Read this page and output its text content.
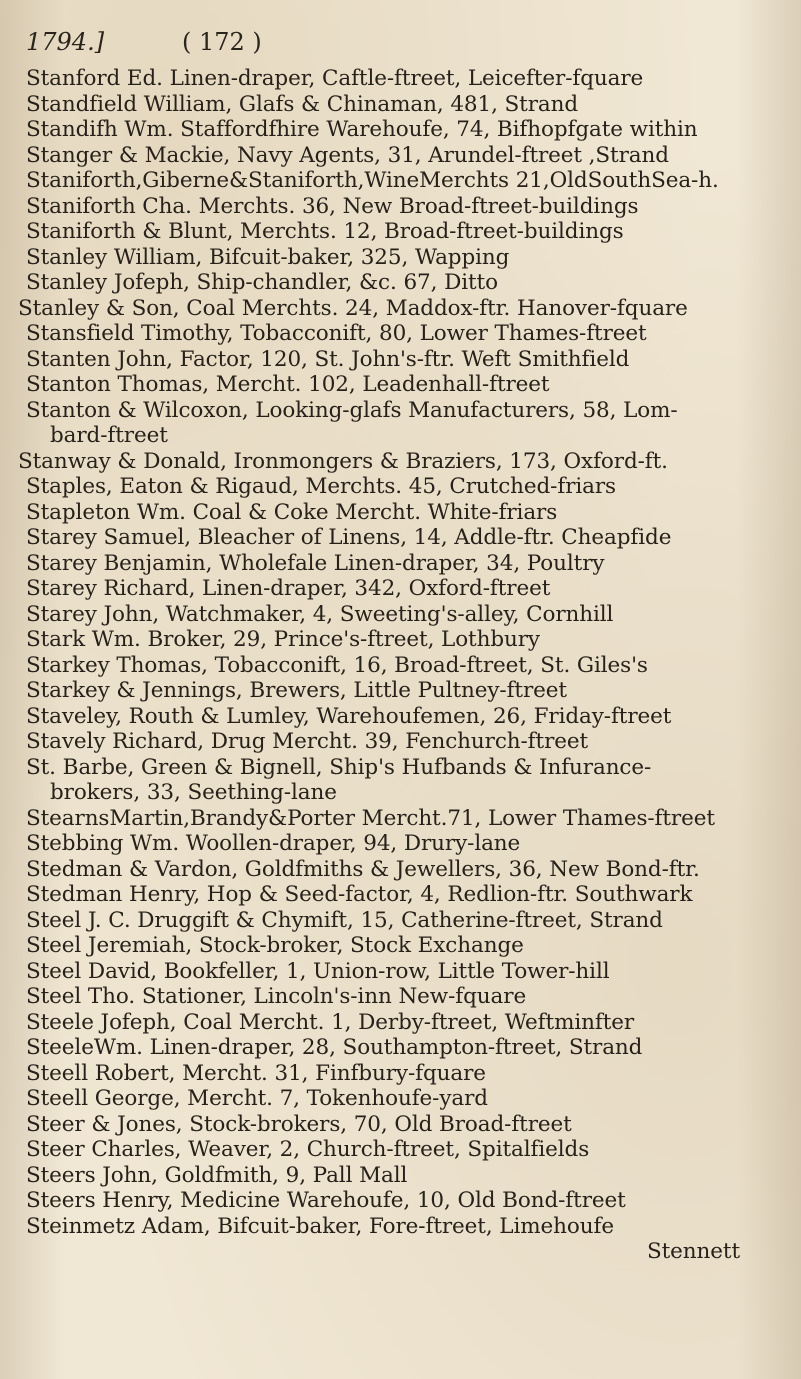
1794.]	( 172 )
Stanford Ed. Linen-draper, Caftle-ftreet, Leicefter-fquare
Standfield William, Glafs & Chinaman, 481, Strand
Standifh Wm. Staffordfhire Warehoufe, 74, Bifhopfgate within
Stanger & Mackie, Navy Agents, 31, Arundel-ftreet ,Strand
Staniforth,Giberne&Staniforth,WineMerchts 21,OldSouthSea-h.
Staniforth Cha. Merchts. 36, New Broad-ftreet-buildings
Staniforth & Blunt, Merchts. 12, Broad-ftreet-buildings
Stanley William, Bifcuit-baker, 325, Wapping
Stanley Jofeph, Ship-chandler, &c. 67, Ditto
Stanley & Son, Coal Merchts. 24, Maddox-ftr. Hanover-fquare
Stansfield Timothy, Tobacconift, 80, Lower Thames-ftreet
Stanten John, Factor, 120, St. John's-ftr. Weft Smithfield
Stanton Thomas, Mercht. 102, Leadenhall-ftreet
Stanton & Wilcoxon, Looking-glafs Manufacturers, 58, Lom-
bard-ftreet
Stanway & Donald, Ironmongers & Braziers, 173, Oxford-ft.
Staples, Eaton & Rigaud, Merchts. 45, Crutched-friars
Stapleton Wm. Coal & Coke Mercht. White-friars
Starey Samuel, Bleacher of Linens, 14, Addle-ftr. Cheapfide
Starey Benjamin, Wholefale Linen-draper, 34, Poultry
Starey Richard, Linen-draper, 342, Oxford-ftreet
Starey John, Watchmaker, 4, Sweeting's-alley, Cornhill
Stark Wm. Broker, 29, Prince's-ftreet, Lothbury
Starkey Thomas, Tobacconift, 16, Broad-ftreet, St. Giles's
Starkey & Jennings, Brewers, Little Pultney-ftreet
Staveley, Routh & Lumley, Warehoufemen, 26, Friday-ftreet
Stavely Richard, Drug Mercht. 39, Fenchurch-ftreet
St. Barbe, Green & Bignell, Ship's Hufbands & Infurance-
brokers, 33, Seething-lane
StearnsMartin,Brandy&Porter Mercht.71, Lower Thames-ftreet
Stebbing Wm. Woollen-draper, 94, Drury-lane
Stedman & Vardon, Goldfmiths & Jewellers, 36, New Bond-ftr.
Stedman Henry, Hop & Seed-factor, 4, Redlion-ftr. Southwark
Steel J. C. Druggift & Chymift, 15, Catherine-ftreet, Strand
Steel Jeremiah, Stock-broker, Stock Exchange
Steel David, Bookfeller, 1, Union-row, Little Tower-hill
Steel Tho. Stationer, Lincoln's-inn New-fquare
Steele Jofeph, Coal Mercht. 1, Derby-ftreet, Weftminfter
SteeleWm. Linen-draper, 28, Southampton-ftreet, Strand
Steell Robert, Mercht. 31, Finfbury-fquare
Steell George, Mercht. 7, Tokenhoufe-yard
Steer & Jones, Stock-brokers, 70, Old Broad-ftreet
Steer Charles, Weaver, 2, Church-ftreet, Spitalfields
Steers John, Goldfmith, 9, Pall Mall
Steers Henry, Medicine Warehoufe, 10, Old Bond-ftreet
Steinmetz Adam, Bifcuit-baker, Fore-ftreet, Limehoufe
Stennett
